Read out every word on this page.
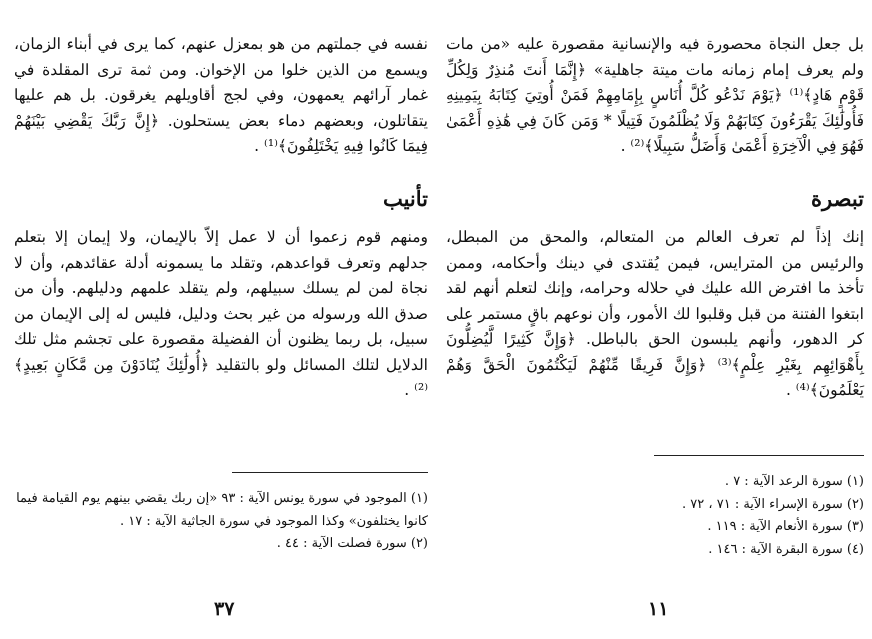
بل جعل النجاة محصورة فيه والإنسانية مقصورة عليه «من مات ولم يعرف إمام زمانه مات ميتة جاهلية» ﴿إِنَّمَا أَنتَ مُنذِرٌ وَلِكُلِّ قَوْمٍ هَادٍ﴾⁽¹⁾ ﴿يَوْمَ نَدْعُو كُلَّ أُنَاسٍ بِإِمَامِهِمْ فَمَنْ أُوتِيَ كِتَابَهُ بِيَمِينِهِ فَأُولَٰئِكَ يَقْرَءُونَ كِتَابَهُمْ وَلَا يُظْلَمُونَ فَتِيلًا * وَمَن كَانَ فِي هَٰذِهِ أَعْمَىٰ فَهُوَ فِي الْآخِرَةِ أَعْمَىٰ وَأَضَلُّ سَبِيلًا﴾⁽²⁾ .

تبصرة

إنك إذاً لم تعرف العالم من المتعالم، والمحق من المبطل، والرئيس من المترايس، فيمن يُقتدى في دينك وأحكامه، وممن تأخذ ما افترض الله عليك في حلاله وحرامه، وإنك لتعلم أنهم لقد ابتغوا الفتنة من قبل وقلبوا لك الأمور، وأن نوعهم باقٍ مستمر على كر الدهور، وأنهم يلبسون الحق بالباطل. ﴿وَإِنَّ كَثِيرًا لَّيُضِلُّونَ بِأَهْوَائِهِم بِغَيْرِ عِلْمٍ﴾⁽³⁾ ﴿وَإِنَّ فَرِيقًا مِّنْهُمْ لَيَكْتُمُونَ الْحَقَّ وَهُمْ يَعْلَمُونَ﴾⁽⁴⁾ .

(١) سورة الرعد الآية : ٧ .
(٢) سورة الإسراء الآية : ٧١ ، ٧٢ .
(٣) سورة الأنعام الآية : ١١٩ .
(٤) سورة البقرة الآية : ١٤٦ .
١١

نفسه في جملتهم من هو بمعزل عنهم، كما يرى في أبناء الزمان، ويسمع من الذين خلوا من الإخوان. ومن ثمة ترى المقلدة في غمار آرائهم يعمهون، وفي لجج أقاويلهم يغرقون. بل هم عليها يتقاتلون، وبعضهم دماء بعض يستحلون. ﴿إِنَّ رَبَّكَ يَقْضِي بَيْنَهُمْ فِيمَا كَانُوا فِيهِ يَخْتَلِفُونَ﴾⁽¹⁾ .

تأنيب

ومنهم قوم زعموا أن لا عمل إلاّ بالإيمان، ولا إيمان إلا بتعلم جدلهم وتعرف قواعدهم، وتقلد ما يسمونه أدلة عقائدهم، وأن لا نجاة لمن لم يسلك سبيلهم، ولم يتقلد علمهم ودليلهم. وأن من صدق الله ورسوله من غير بحث ودليل، فليس له إلى الإيمان من سبيل، بل ربما يظنون أن الفضيلة مقصورة على تجشم مثل تلك الدلايل لتلك المسائل ولو بالتقليد ﴿أُولَٰئِكَ يُنَادَوْنَ مِن مَّكَانٍ بَعِيدٍ﴾⁽²⁾ .

(١) الموجود في سورة يونس الآية : ٩٣ «إن ربك يقضي بينهم يوم القيامة فيما كانوا يختلفون» وكذا الموجود في سورة الجاثية الآية : ١٧ .
(٢) سورة فصلت الآية : ٤٤ .
٣٧
